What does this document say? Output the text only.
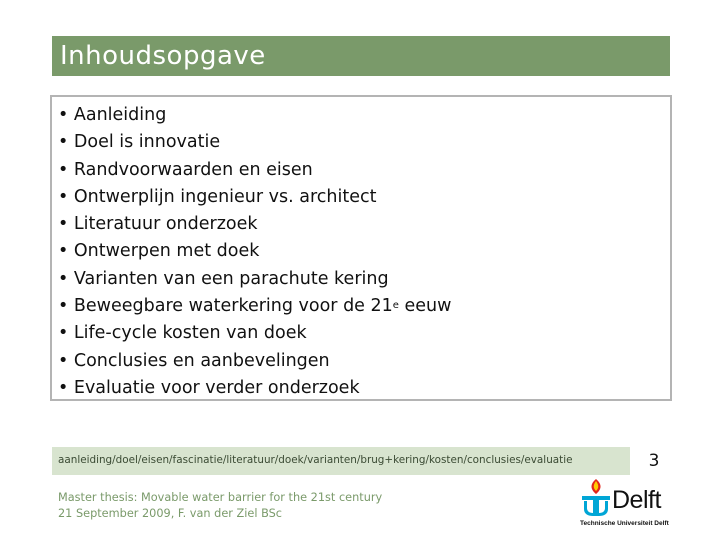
Inhoudsopgave
• Aanleiding
• Doel is innovatie
• Randvoorwaarden en eisen
• Ontwerplijn ingenieur vs. architect
• Literatuur onderzoek
• Ontwerpen met doek
• Varianten van een parachute kering
• Beweegbare waterkering voor de 21e eeuw
• Life-cycle kosten van doek
• Conclusies en aanbevelingen
• Evaluatie voor verder onderzoek
aanleiding/doel/eisen/fascinatie/literatuur/doek/varianten/brug+kering/kosten/conclusies/evaluatie	3
Master thesis: Movable water barrier for the 21st century
21 September 2009, F. van der Ziel BSc	Delft
Technische Universiteit Delft
